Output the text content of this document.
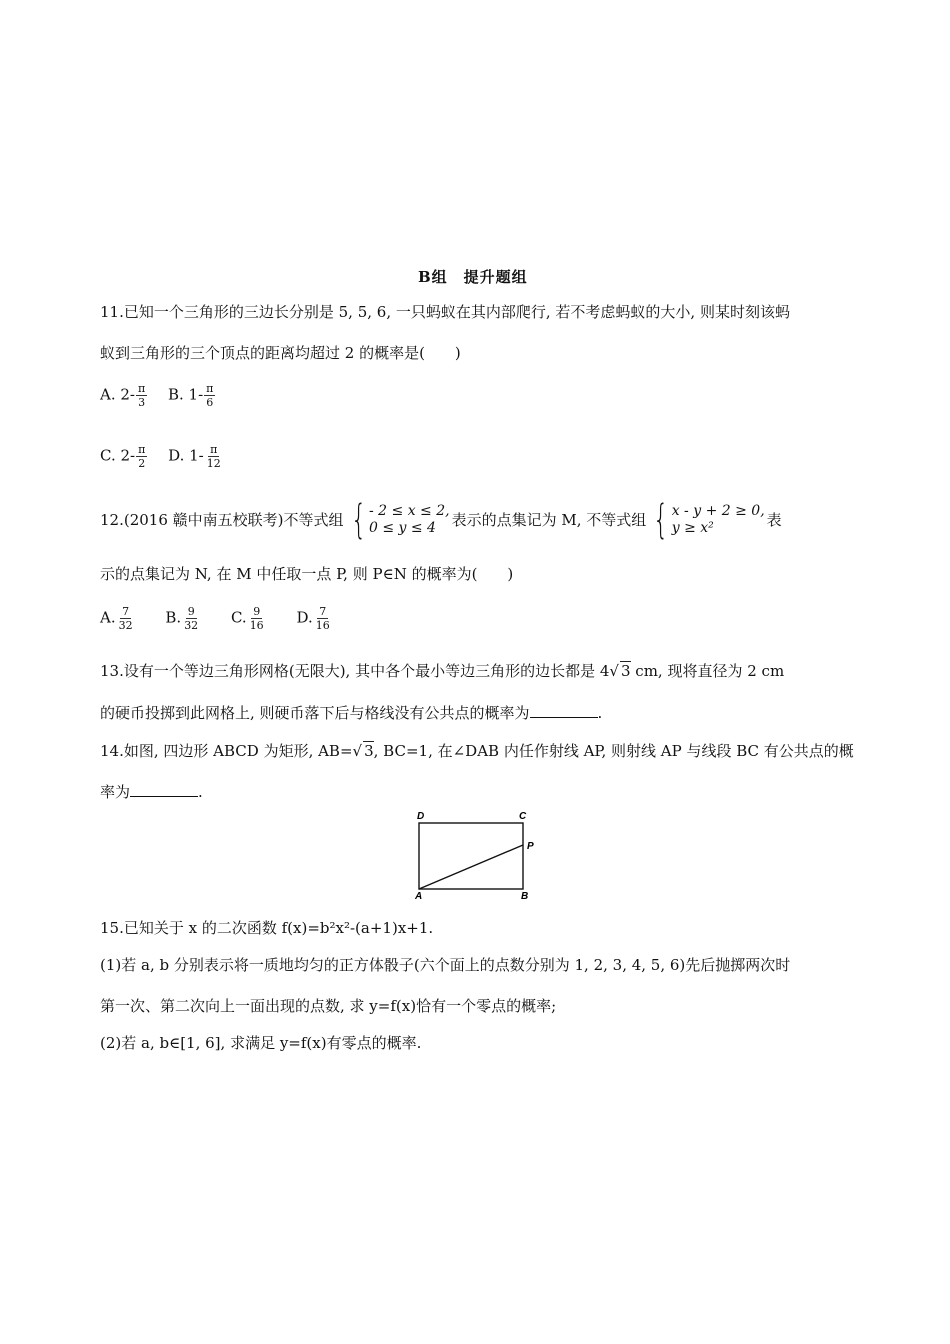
B组　提升题组
11.已知一个三角形的三边长分别是 5, 5, 6, 一只蚂蚁在其内部爬行, 若不考虑蚂蚁的大小, 则某时刻该蚂
蚁到三角形的三个顶点的距离均超过 2 的概率是(　　)
A. $2- \frac{\pi}{3} B$. $1- \frac{\pi}{6}$
C. $2- \frac{\pi}{2} D$. $1- \frac{\pi}{12}$
12.(2016 赣中南五校联考)不等式组 { - 2 ≤ x ≤ 2,
0 ≤ y ≤ 4	表示的点集记为 M, 不等式组 { x - y + 2 ≥ 0,
y ≥ x²	表
示的点集记为 N, 在 M 中任取一点 P, 则 P∈N 的概率为(　　)
A. $\frac{7}{32} B$. $\frac{9}{32} C$. $\frac{9}{16} D$. $\frac{7}{16}$
13.设有一个等边三角形网格(无限大), 其中各个最小等边三角形的边长都是 4√ 3 cm, 现将直径为 2 cm
的硬币投掷到此网格上, 则硬币落下后与格线没有公共点的概率为	.
14.如图, 四边形 ABCD 为矩形, AB=√ 3, BC=1, 在∠DAB 内任作射线 AP, 则射线 AP 与线段 BC 有公共点的概
率为	.
D	C
P
A	B
15.已知关于 x 的二次函数 f(x)=b²x²-(a+1)x+1.
(1)若 a, b 分别表示将一质地均匀的正方体骰子(六个面上的点数分别为 1, 2, 3, 4, 5, 6)先后抛掷两次时
第一次、第二次向上一面出现的点数, 求 y=f(x)恰有一个零点的概率;
(2)若 a, b∈[1, 6], 求满足 y=f(x)有零点的概率.
